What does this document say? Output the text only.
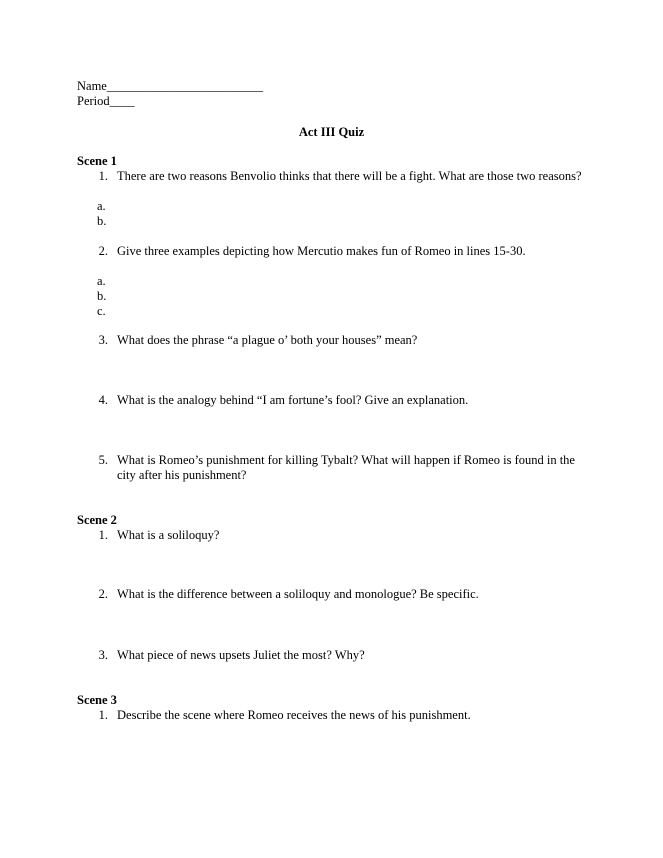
Name_________________________
Period____
Act III Quiz
Scene 1
1. There are two reasons Benvolio thinks that there will be a fight. What are those two reasons?
a.
b.
2. Give three examples depicting how Mercutio makes fun of Romeo in lines 15-30.
a.
b.
c.
3. What does the phrase “a plague o’ both your houses” mean?
4. What is the analogy behind “I am fortune’s fool? Give an explanation.
5. What is Romeo’s punishment for killing Tybalt? What will happen if Romeo is found in the city after his punishment?
Scene 2
1. What is a soliloquy?
2. What is the difference between a soliloquy and monologue? Be specific.
3. What piece of news upsets Juliet the most? Why?
Scene 3
1. Describe the scene where Romeo receives the news of his punishment.
